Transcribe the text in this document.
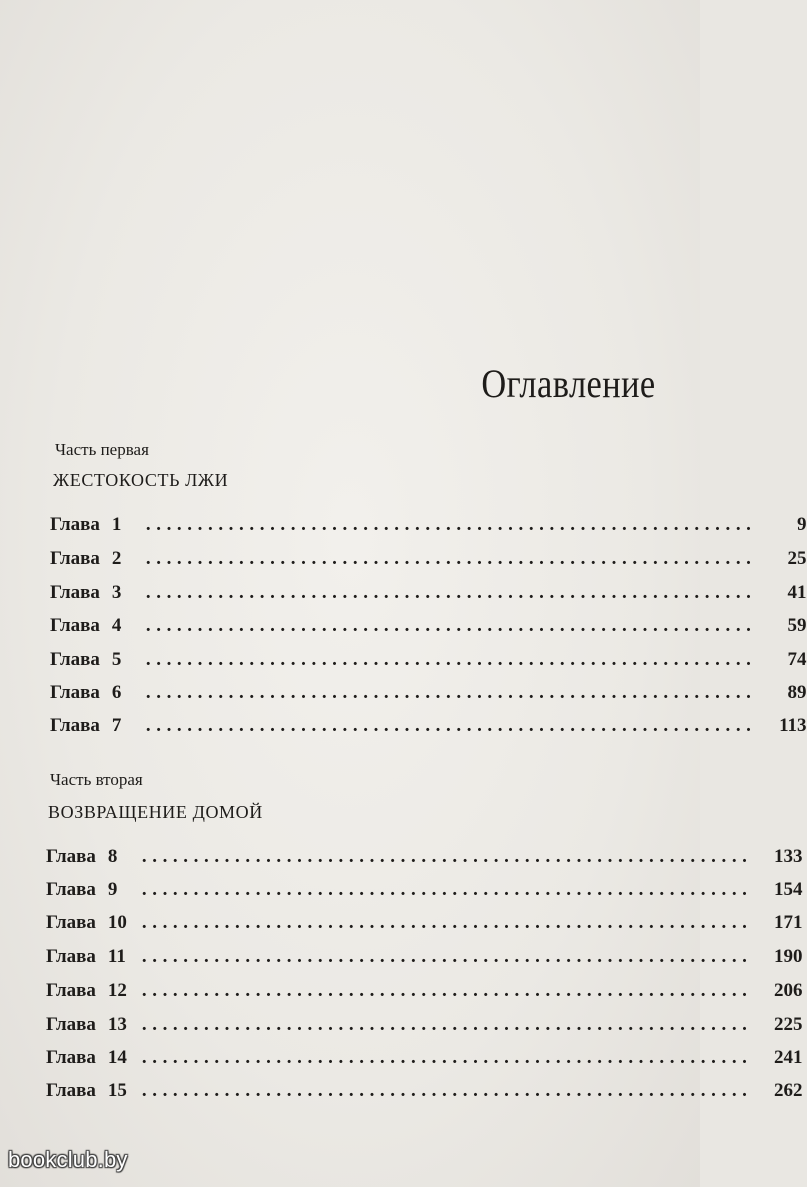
Оглавление
Часть первая
ЖЕСТОКОСТЬ ЛЖИ
Глава 1	...........................................................	9
Глава 2	...........................................................	25
Глава 3	...........................................................	41
Глава 4	...........................................................	59
Глава 5	...........................................................	74
Глава 6	...........................................................	89
Глава 7	...........................................................	113
Часть вторая
ВОЗВРАЩЕНИЕ ДОМОЙ
Глава 8	...........................................................	133
Глава 9	...........................................................	154
Глава 10 ...........................................................	171
Глава 11 ...........................................................	190
Глава 12 ...........................................................	206
Глава 13 ...........................................................	225
Глава 14 ...........................................................	241
Глава 15 ...........................................................	262
bookclub.by
